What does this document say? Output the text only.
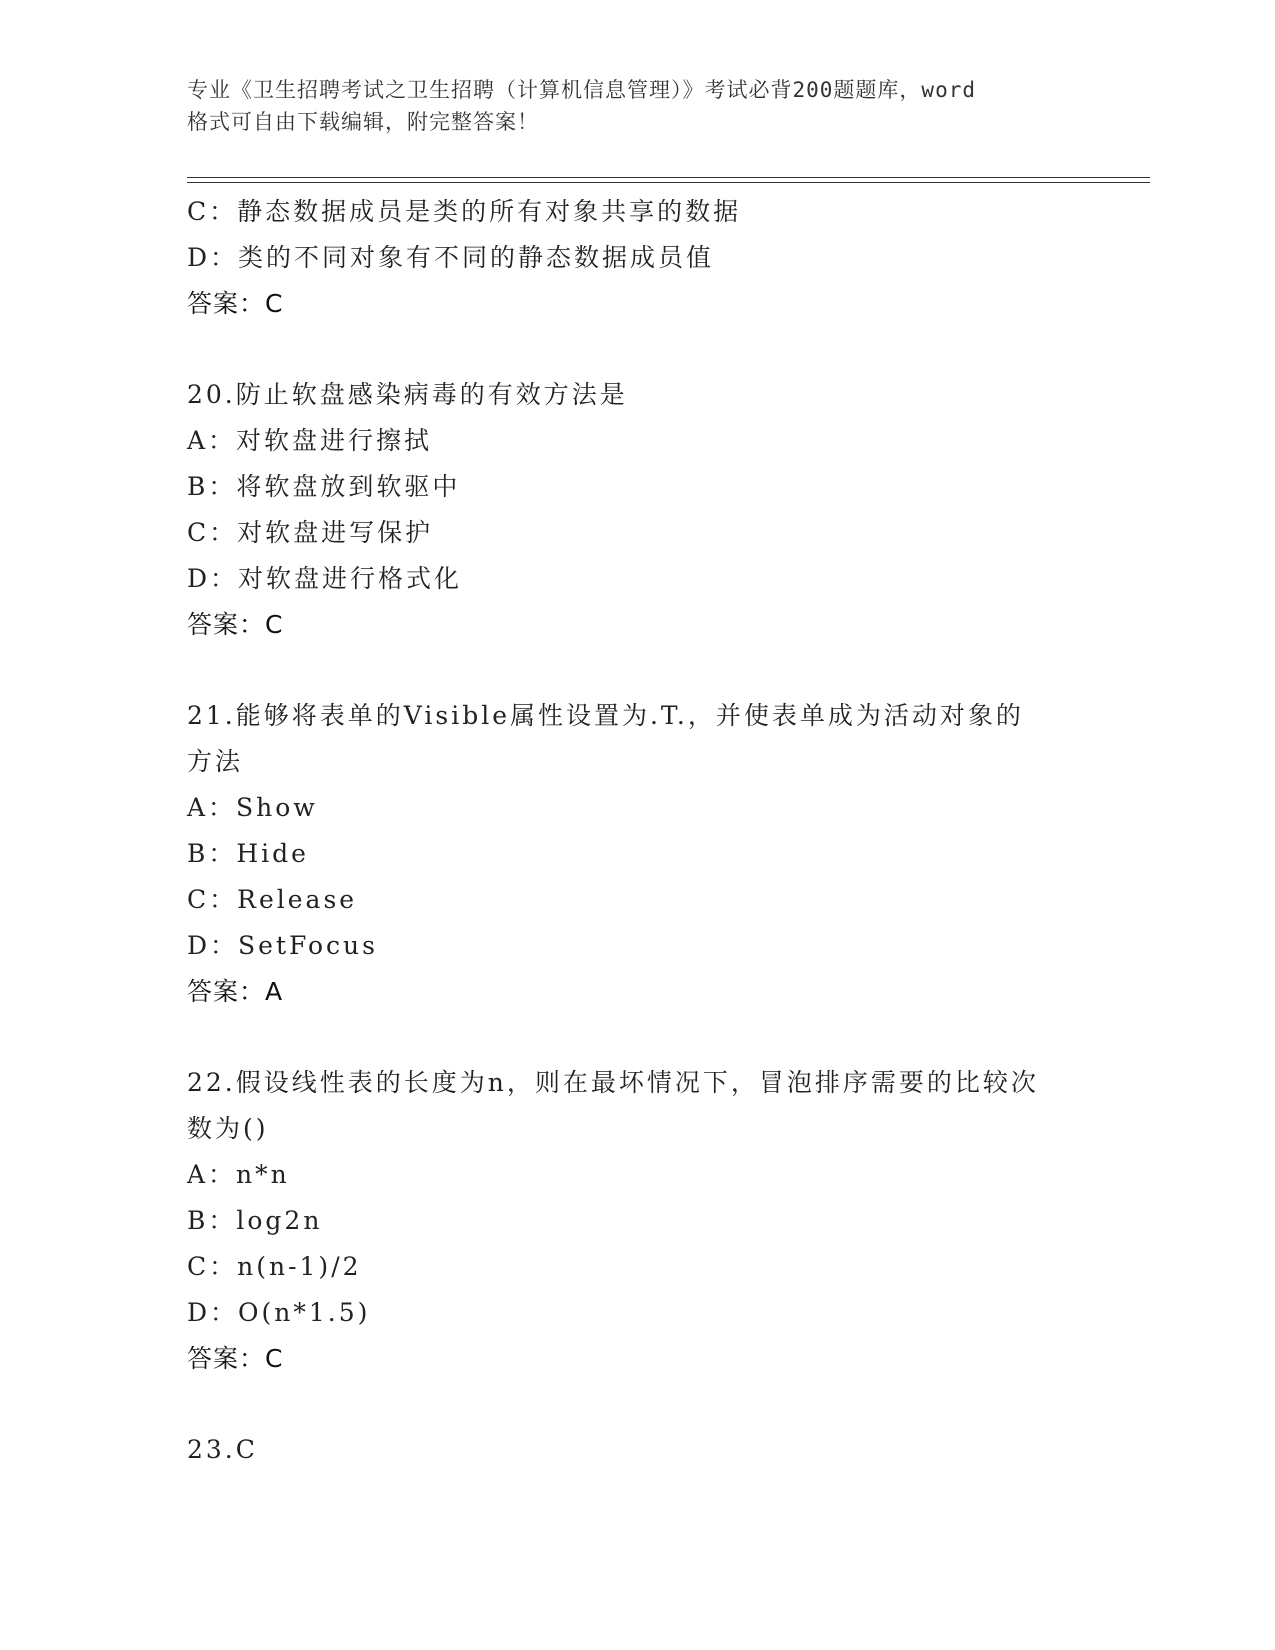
专业《卫生招聘考试之卫生招聘（计算机信息管理）》考试必背200题题库，word
格式可自由下载编辑，附完整答案！
C：静态数据成员是类的所有对象共享的数据
D：类的不同对象有不同的静态数据成员值
答案：C
20.防止软盘感染病毒的有效方法是
A：对软盘进行擦拭
B：将软盘放到软驱中
C：对软盘进写保护
D：对软盘进行格式化
答案：C
21.能够将表单的Visible属性设置为.T.，并使表单成为活动对象的
方法
A：Show
B：Hide
C：Release
D：SetFocus
答案：A
22.假设线性表的长度为n，则在最坏情况下，冒泡排序需要的比较次
数为()
A：n*n
B：log2n
C：n(n-1)/2
D：O(n*1.5)
答案：C
23.C
